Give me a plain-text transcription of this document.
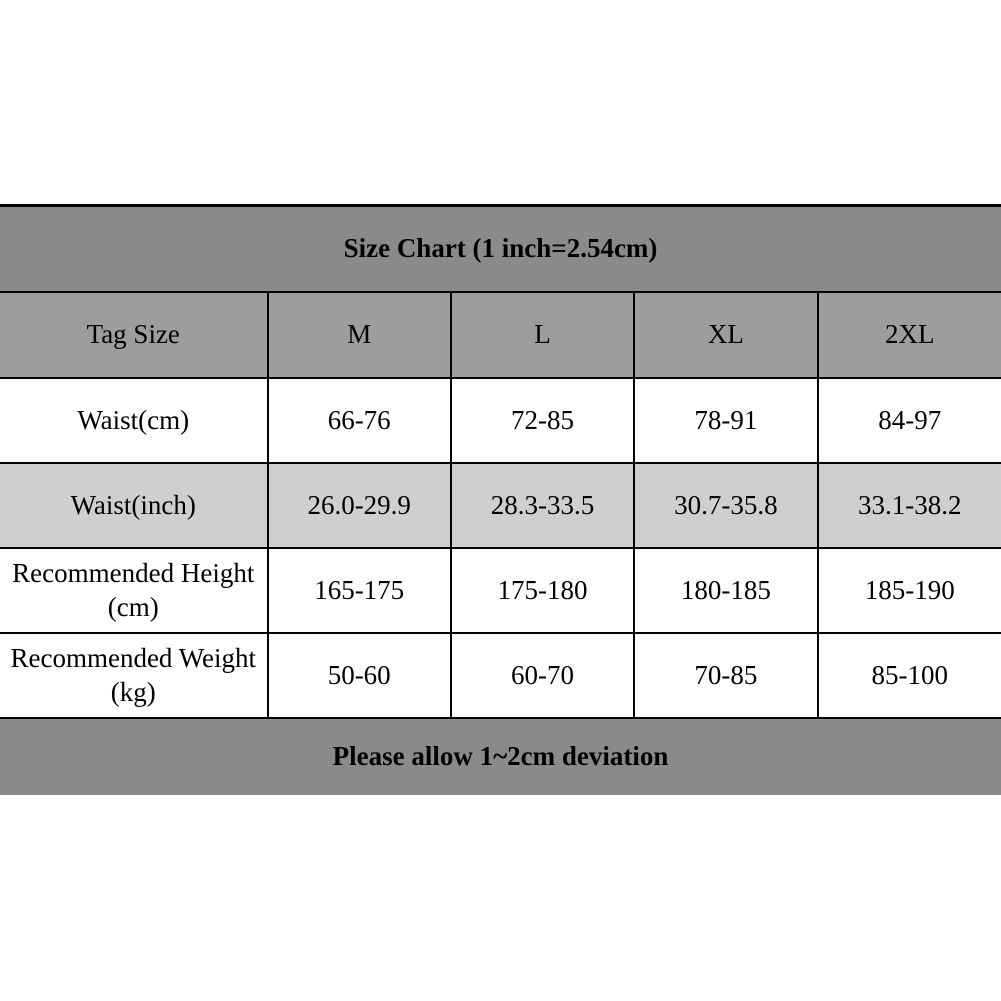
Size Chart (1 inch=2.54cm)				
Tag Size	M	L	XL	2XL
Waist(cm)	66-76	72-85	78-91	84-97
Waist(inch)	26.0-29.9	28.3-33.5	30.7-35.8	33.1-38.2
Recommended Height (cm)	165-175	175-180	180-185	185-190
Recommended Weight (kg)	50-60	60-70	70-85	85-100
Please allow 1~2cm deviation				
